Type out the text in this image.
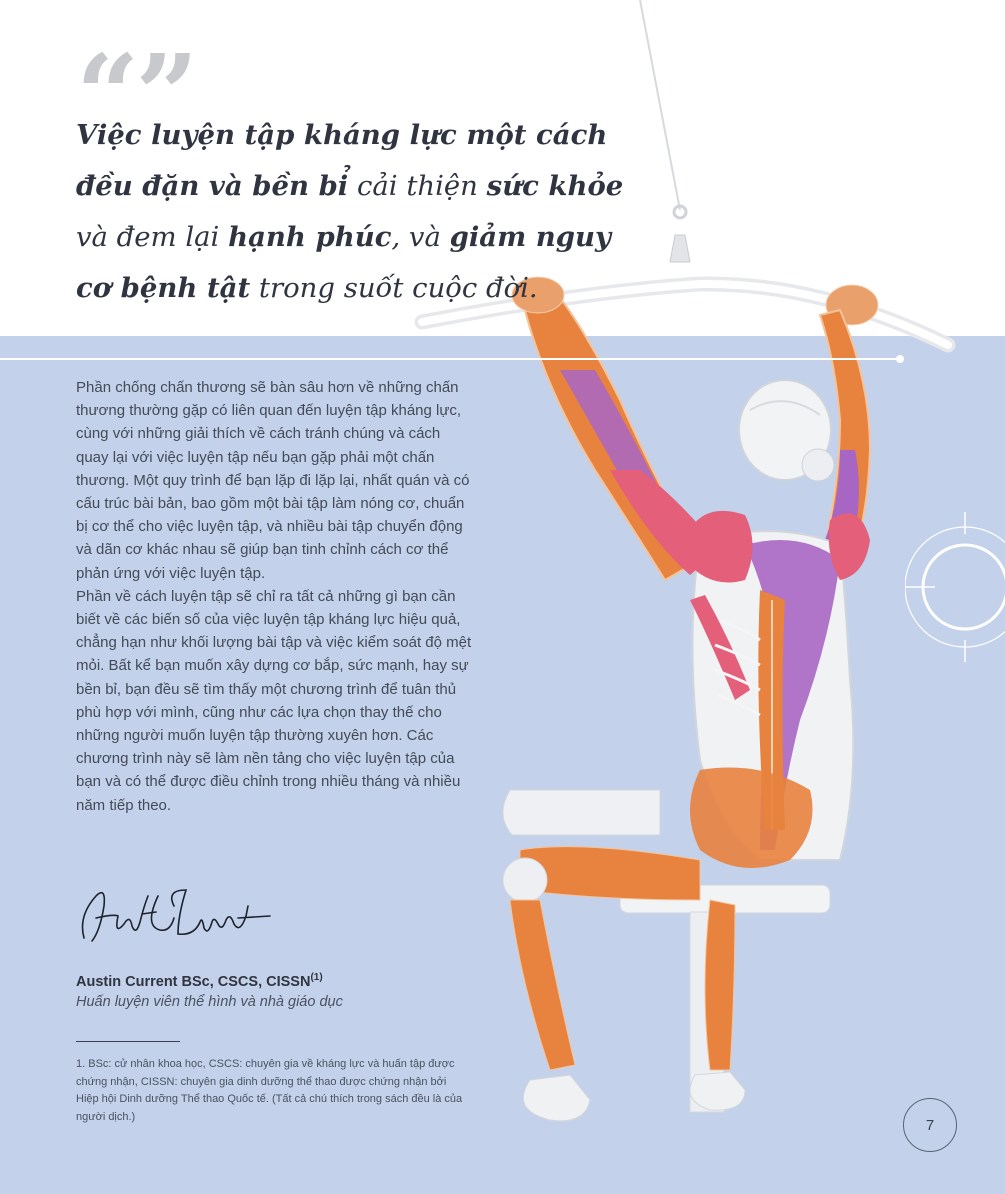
“”
Việc luyện tập kháng lực một cách đều đặn và bền bỉ cải thiện sức khỏe và đem lại hạnh phúc, và giảm nguy cơ bệnh tật trong suốt cuộc đời.

Phần chống chấn thương sẽ bàn sâu hơn về những chấn thương thường gặp có liên quan đến luyện tập kháng lực, cùng với những giải thích về cách tránh chúng và cách quay lại với việc luyện tập nếu bạn gặp phải một chấn thương. Một quy trình để bạn lặp đi lặp lại, nhất quán và có cấu trúc bài bản, bao gồm một bài tập làm nóng cơ, chuẩn bị cơ thể cho việc luyện tập, và nhiều bài tập chuyển động và dãn cơ khác nhau sẽ giúp bạn tinh chỉnh cách cơ thể phản ứng với việc luyện tập.

Phần về cách luyện tập sẽ chỉ ra tất cả những gì bạn cần biết về các biến số của việc luyện tập kháng lực hiệu quả, chẳng hạn như khối lượng bài tập và việc kiểm soát độ mệt mỏi. Bất kể bạn muốn xây dựng cơ bắp, sức mạnh, hay sự bền bỉ, bạn đều sẽ tìm thấy một chương trình để tuân thủ phù hợp với mình, cũng như các lựa chọn thay thế cho những người muốn luyện tập thường xuyên hơn. Các chương trình này sẽ làm nền tảng cho việc luyện tập của bạn và có thể được điều chỉnh trong nhiều tháng và nhiều năm tiếp theo.

Austin Current BSc, CSCS, CISSN$^{(1)}$
Huấn luyện viên thể hình và nhà giáo dục
1. BSc: cử nhân khoa học, CSCS: chuyên gia về kháng lực và huấn tập được chứng nhận, CISSN: chuyên gia dinh dưỡng thể thao được chứng nhận bởi Hiệp hội Dinh dưỡng Thể thao Quốc tế. (Tất cả chú thích trong sách đều là của người dịch.)	7
